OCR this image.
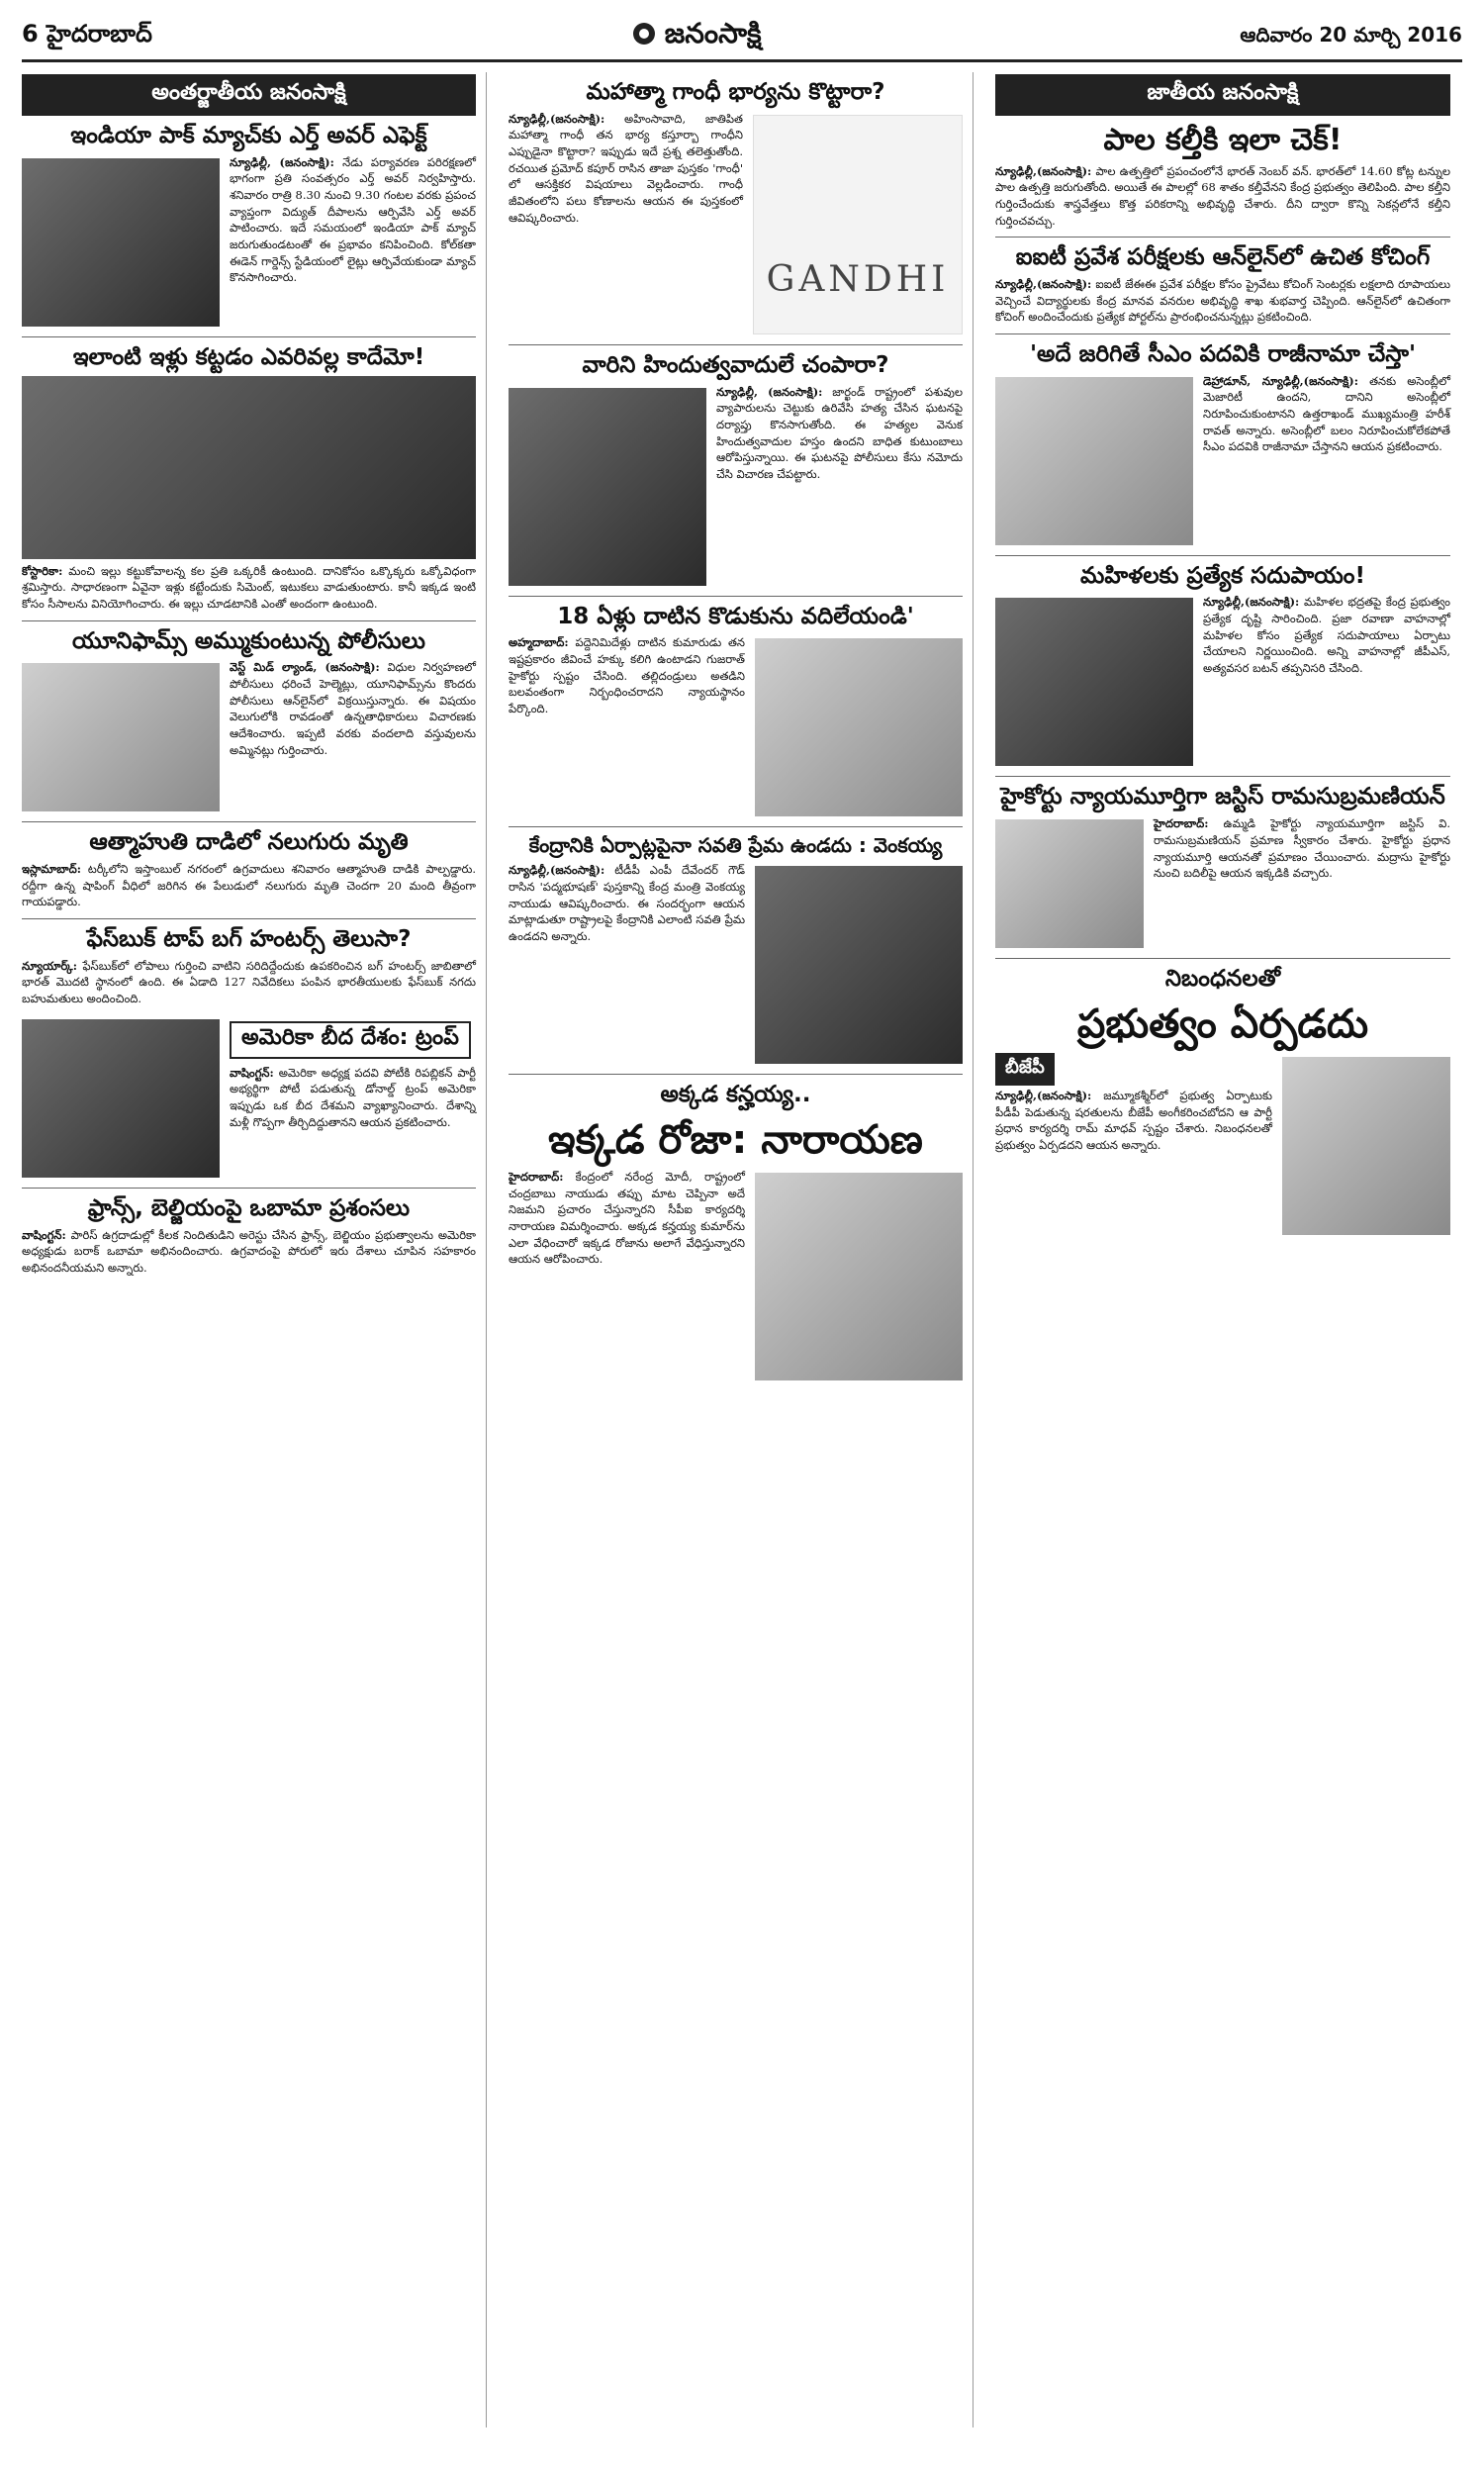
6 హైదరాబాద్	జనంసాక్షి	ఆదివారం 20 మార్చి 2016
అంతర్జాతీయ జనంసాక్షి
ఇండియా పాక్ మ్యాచ్‌కు ఎర్త్ అవర్ ఎఫెక్ట్
న్యూఢిల్లీ, (జనంసాక్షి): నేడు పర్యావరణ పరిరక్షణలో భాగంగా ప్రతి సంవత్సరం ఎర్త్ అవర్ నిర్వహిస్తారు. శనివారం రాత్రి 8.30 నుంచి 9.30 గంటల వరకు ప్రపంచ వ్యాప్తంగా విద్యుత్ దీపాలను ఆర్పివేసి ఎర్త్ అవర్ పాటించారు. ఇదే సమయంలో ఇండియా పాక్ మ్యాచ్ జరుగుతుండటంతో ఈ ప్రభావం కనిపించింది. కోల్‌కతా ఈడెన్ గార్డెన్స్ స్టేడియంలో లైట్లు ఆర్పివేయకుండా మ్యాచ్ కొనసాగించారు.
ఇలాంటి ఇళ్లు కట్టడం ఎవరివల్ల కాదేమో!
కోస్టారికా: మంచి ఇల్లు కట్టుకోవాలన్న కల ప్రతి ఒక్కరికీ ఉంటుంది. దానికోసం ఒక్కొక్కరు ఒక్కోవిధంగా శ్రమిస్తారు. సాధారణంగా ఏవైనా ఇళ్లు కట్టేందుకు సిమెంట్, ఇటుకలు వాడుతుంటారు. కానీ ఇక్కడ ఇంటి కోసం సీసాలను వినియోగించారు. ఈ ఇల్లు చూడటానికి ఎంతో అందంగా ఉంటుంది.
యూనిఫామ్స్ అమ్ముకుంటున్న పోలీసులు
వెస్ట్ మిడ్ ల్యాండ్, (జనంసాక్షి): విధుల నిర్వహణలో పోలీసులు ధరించే హెల్మెట్లు, యూనిఫామ్స్‌ను కొందరు పోలీసులు ఆన్‌లైన్‌లో విక్రయిస్తున్నారు. ఈ విషయం వెలుగులోకి రావడంతో ఉన్నతాధికారులు విచారణకు ఆదేశించారు. ఇప్పటి వరకు వందలాది వస్తువులను అమ్మినట్లు గుర్తించారు.
ఆత్మాహుతి దాడిలో నలుగురు మృతి
ఇస్లామాబాద్: టర్కీలోని ఇస్తాంబుల్ నగరంలో ఉగ్రవాదులు శనివారం ఆత్మాహుతి దాడికి పాల్పడ్డారు. రద్దీగా ఉన్న షాపింగ్ వీధిలో జరిగిన ఈ పేలుడులో నలుగురు మృతి చెందగా 20 మంది తీవ్రంగా గాయపడ్డారు.
ఫేస్‌బుక్ టాప్ బగ్ హంటర్స్ తెలుసా?
న్యూయార్క్: ఫేస్‌బుక్‌లో లోపాలు గుర్తించి వాటిని సరిదిద్దేందుకు ఉపకరించిన బగ్ హంటర్స్ జాబితాలో భారత్ మొదటి స్థానంలో ఉంది. ఈ ఏడాది 127 నివేదికలు పంపిన భారతీయులకు ఫేస్‌బుక్ నగదు బహుమతులు అందించింది.
అమెరికా బీద దేశం: ట్రంప్
వాషింగ్టన్: అమెరికా అధ్యక్ష పదవి పోటీకి రిపబ్లికన్ పార్టీ అభ్యర్థిగా పోటీ పడుతున్న డోనాల్డ్ ట్రంప్ అమెరికా ఇప్పుడు ఒక బీద దేశమని వ్యాఖ్యానించారు. దేశాన్ని మళ్లీ గొప్పగా తీర్చిదిద్దుతానని ఆయన ప్రకటించారు.
ఫ్రాన్స్, బెల్జియంపై ఒబామా ప్రశంసలు
వాషింగ్టన్: పారిస్ ఉగ్రదాడుల్లో కీలక నిందితుడిని అరెస్టు చేసిన ఫ్రాన్స్, బెల్జియం ప్రభుత్వాలను అమెరికా అధ్యక్షుడు బరాక్ ఒబామా అభినందించారు. ఉగ్రవాదంపై పోరులో ఇరు దేశాలు చూపిన సహకారం అభినందనీయమని అన్నారు.
మహాత్మా గాంధీ భార్యను కొట్టారా?
GANDHI
న్యూఢిల్లీ,(జనంసాక్షి): అహింసావాది, జాతిపిత మహాత్మా గాంధీ తన భార్య కస్తూర్బా గాంధీని ఎప్పుడైనా కొట్టారా? ఇప్పుడు ఇదే ప్రశ్న తలెత్తుతోంది. రచయిత ప్రమోద్ కపూర్ రాసిన తాజా పుస్తకం 'గాంధీ' లో ఆసక్తికర విషయాలు వెల్లడించారు. గాంధీ జీవితంలోని పలు కోణాలను ఆయన ఈ పుస్తకంలో ఆవిష్కరించారు.
వారిని హిందుత్వవాదులే చంపారా?
న్యూఢిల్లీ, (జనంసాక్షి): జార్ఖండ్ రాష్ట్రంలో పశువుల వ్యాపారులను చెట్టుకు ఉరివేసి హత్య చేసిన ఘటనపై దర్యాప్తు కొనసాగుతోంది. ఈ హత్యల వెనుక హిందుత్వవాదుల హస్తం ఉందని బాధిత కుటుంబాలు ఆరోపిస్తున్నాయి. ఈ ఘటనపై పోలీసులు కేసు నమోదు చేసి విచారణ చేపట్టారు.
18 ఏళ్లు దాటిన కొడుకును వదిలేయండి'
అహ్మదాబాద్: పద్దెనిమిదేళ్లు దాటిన కుమారుడు తన ఇష్టప్రకారం జీవించే హక్కు కలిగి ఉంటాడని గుజరాత్ హైకోర్టు స్పష్టం చేసింది. తల్లిదండ్రులు అతడిని బలవంతంగా నిర్బంధించరాదని న్యాయస్థానం పేర్కొంది.
కేంద్రానికి ఏర్పాట్లపైనా సవతి ప్రేమ ఉండదు : వెంకయ్య
న్యూఢిల్లీ,(జనంసాక్షి): టీడీపీ ఎంపీ దేవేందర్ గౌడ్ రాసిన 'పద్మభూషణ్' పుస్తకాన్ని కేంద్ర మంత్రి వెంకయ్య నాయుడు ఆవిష్కరించారు. ఈ సందర్భంగా ఆయన మాట్లాడుతూ రాష్ట్రాలపై కేంద్రానికి ఎలాంటి సవతి ప్రేమ ఉండదని అన్నారు.
అక్కడ కన్హయ్య..
ఇక్కడ రోజా: నారాయణ
హైదరాబాద్: కేంద్రంలో నరేంద్ర మోదీ, రాష్ట్రంలో చంద్రబాబు నాయుడు తప్పు మాట చెప్పినా అదే నిజమని ప్రచారం చేస్తున్నారని సీపీఐ కార్యదర్శి నారాయణ విమర్శించారు. అక్కడ కన్హయ్య కుమార్‌ను ఎలా వేధించారో ఇక్కడ రోజాను అలాగే వేధిస్తున్నారని ఆయన ఆరోపించారు.
జాతీయ జనంసాక్షి
పాల కల్తీకి ఇలా చెక్!
న్యూఢిల్లీ,(జనంసాక్షి): పాల ఉత్పత్తిలో ప్రపంచంలోనే భారత్ నెంబర్ వన్. భారత్‌లో 14.60 కోట్ల టన్నుల పాల ఉత్పత్తి జరుగుతోంది. అయితే ఈ పాలల్లో 68 శాతం కల్తీవేనని కేంద్ర ప్రభుత్వం తెలిపింది. పాల కల్తీని గుర్తించేందుకు శాస్త్రవేత్తలు కొత్త పరికరాన్ని అభివృద్ధి చేశారు. దీని ద్వారా కొన్ని సెకన్లలోనే కల్తీని గుర్తించవచ్చు.
ఐఐటీ ప్రవేశ పరీక్షలకు ఆన్‌లైన్‌లో ఉచిత కోచింగ్
న్యూఢిల్లీ,(జనంసాక్షి): ఐఐటీ జేఈఈ ప్రవేశ పరీక్షల కోసం ప్రైవేటు కోచింగ్ సెంటర్లకు లక్షలాది రూపాయలు వెచ్చించే విద్యార్థులకు కేంద్ర మానవ వనరుల అభివృద్ధి శాఖ శుభవార్త చెప్పింది. ఆన్‌లైన్‌లో ఉచితంగా కోచింగ్ అందించేందుకు ప్రత్యేక పోర్టల్‌ను ప్రారంభించనున్నట్లు ప్రకటించింది.
'అదే జరిగితే సీఎం పదవికి రాజీనామా చేస్తా'
డెహ్రాడూన్, న్యూఢిల్లీ,(జనంసాక్షి): తనకు అసెంబ్లీలో మెజారిటీ ఉందని, దానిని అసెంబ్లీలో నిరూపించుకుంటానని ఉత్తరాఖండ్ ముఖ్యమంత్రి హరీశ్ రావత్ అన్నారు. అసెంబ్లీలో బలం నిరూపించుకోలేకపోతే సీఎం పదవికి రాజీనామా చేస్తానని ఆయన ప్రకటించారు.
మహిళలకు ప్రత్యేక సదుపాయం!
న్యూఢిల్లీ,(జనంసాక్షి): మహిళల భద్రతపై కేంద్ర ప్రభుత్వం ప్రత్యేక దృష్టి సారించింది. ప్రజా రవాణా వాహనాల్లో మహిళల కోసం ప్రత్యేక సదుపాయాలు ఏర్పాటు చేయాలని నిర్ణయించింది. అన్ని వాహనాల్లో జీపీఎస్, అత్యవసర బటన్ తప్పనిసరి చేసింది.
హైకోర్టు న్యాయమూర్తిగా జస్టిస్ రామసుబ్రమణియన్
హైదరాబాద్: ఉమ్మడి హైకోర్టు న్యాయమూర్తిగా జస్టిస్ వి. రామసుబ్రమణియన్ ప్రమాణ స్వీకారం చేశారు. హైకోర్టు ప్రధాన న్యాయమూర్తి ఆయనతో ప్రమాణం చేయించారు. మద్రాసు హైకోర్టు నుంచి బదిలీపై ఆయన ఇక్కడికి వచ్చారు.
నిబంధనలతో
ప్రభుత్వం ఏర్పడదు
బీజేపీ
న్యూఢిల్లీ,(జనంసాక్షి): జమ్మూకశ్మీర్‌లో ప్రభుత్వ ఏర్పాటుకు పీడీపీ పెడుతున్న షరతులను బీజేపీ అంగీకరించబోదని ఆ పార్టీ ప్రధాన కార్యదర్శి రామ్ మాధవ్ స్పష్టం చేశారు. నిబంధనలతో ప్రభుత్వం ఏర్పడదని ఆయన అన్నారు.
